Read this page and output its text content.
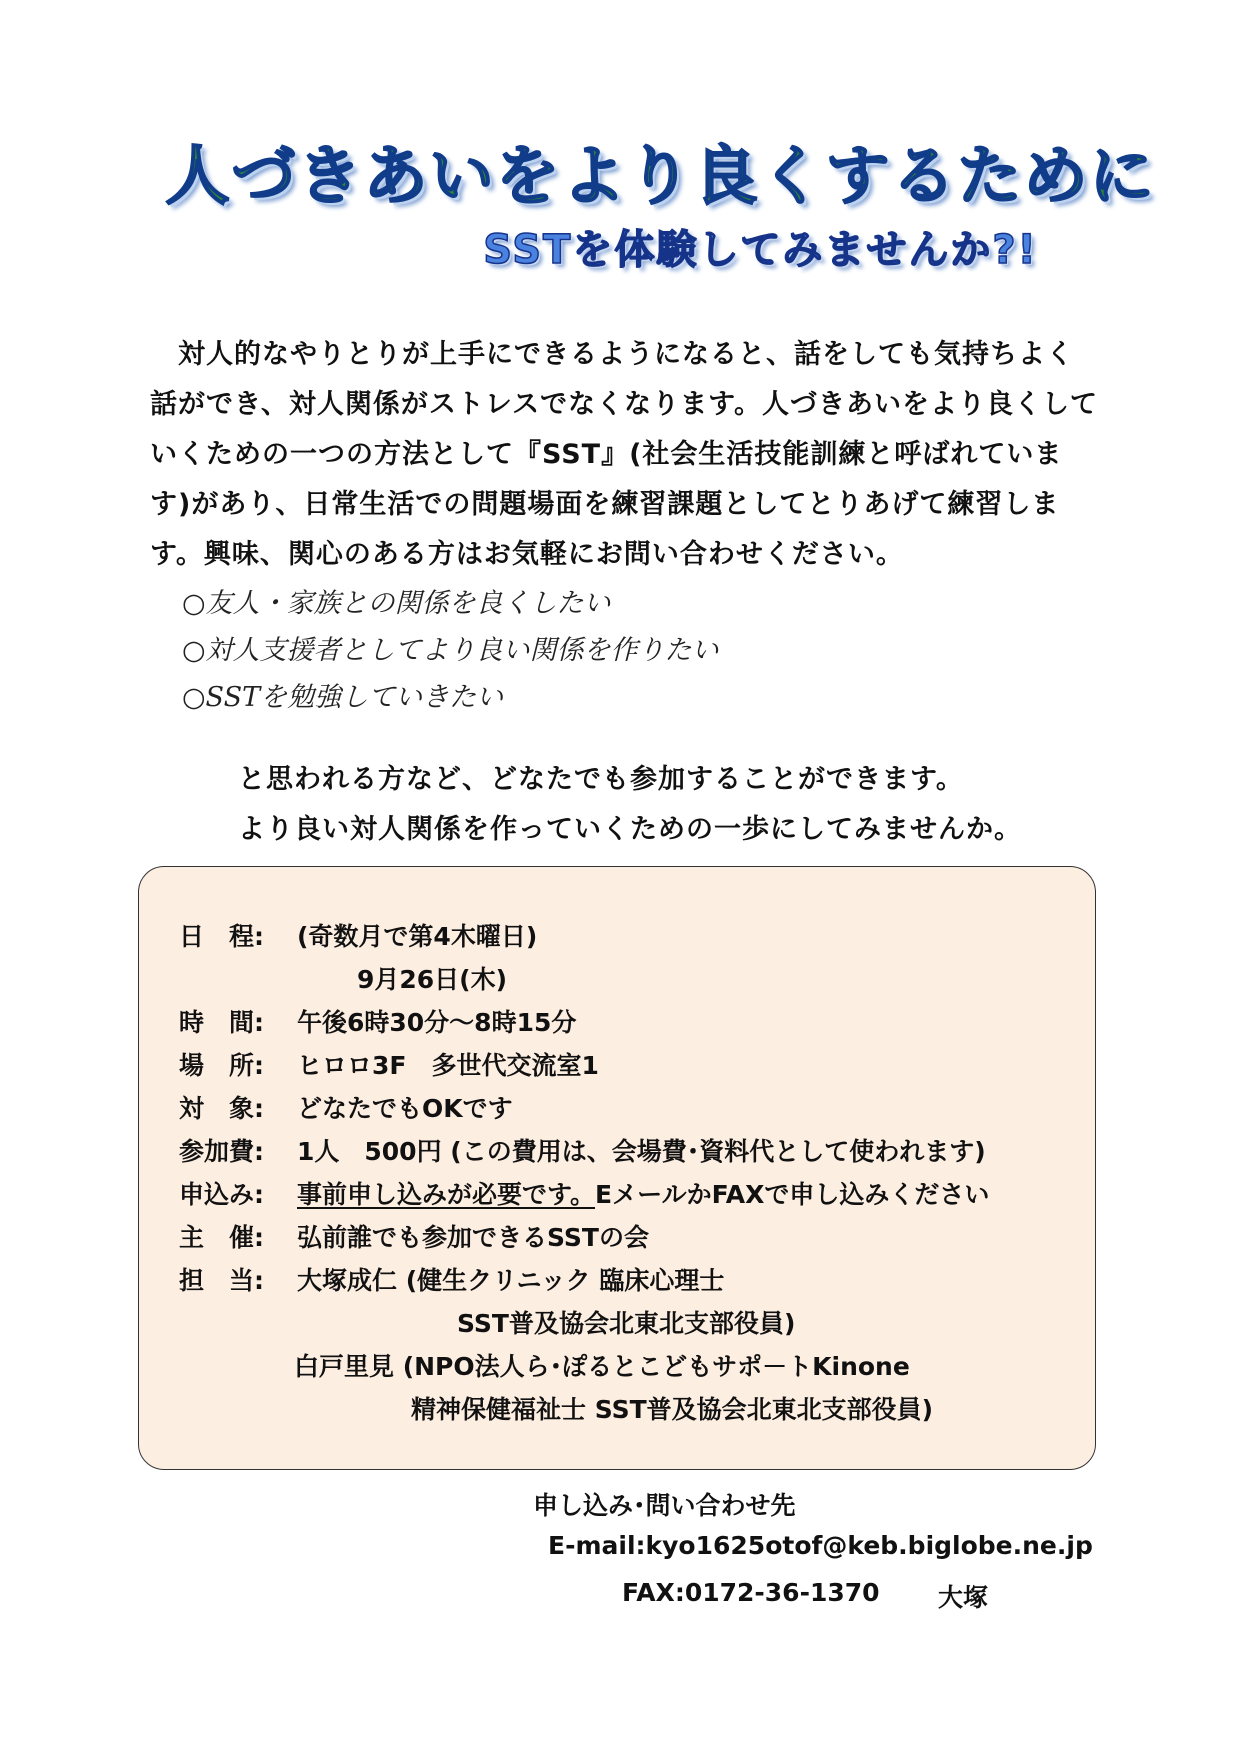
人づきあいをより良くするために
SSTを体験してみませんか?!

対人的なやりとりが上手にできるようになると、話をしても気持ちよく話ができ、対人関係がストレスでなくなります。人づきあいをより良くしていくための一つの方法として『SST』(社会生活技能訓練と呼ばれています)があり、日常生活での問題場面を練習課題としてとりあげて練習します。興味、関心のある方はお気軽にお問い合わせください。

○友人・家族との関係を良くしたい
○対人支援者としてより良い関係を作りたい
○SSTを勉強していきたい

と思われる方など、どなたでも参加することができます。

より良い対人関係を作っていくための一歩にしてみませんか。

日　程: (奇数月で第4木曜日)
9月26日(木)
時　間: 午後6時30分～8時15分
場　所: ヒロロ3F　多世代交流室1
対　象: どなたでもOKです
参加費: 1人　500円 (この費用は、会場費･資料代として使われます)
申込み: 事前申し込みが必要です。EメールかFAXで申し込みください
主　催: 弘前誰でも参加できるSSTの会
担　当: 大塚成仁 (健生クリニック 臨床心理士
SST普及協会北東北支部役員)
白戸里見 (NPO法人ら･ぽるとこどもサポ－トKinone
精神保健福祉士 SST普及協会北東北支部役員)
申し込み･問い合わせ先
E-mail:kyo1625otof@keb.biglobe.ne.jp
FAX:0172-36-1370 大塚
